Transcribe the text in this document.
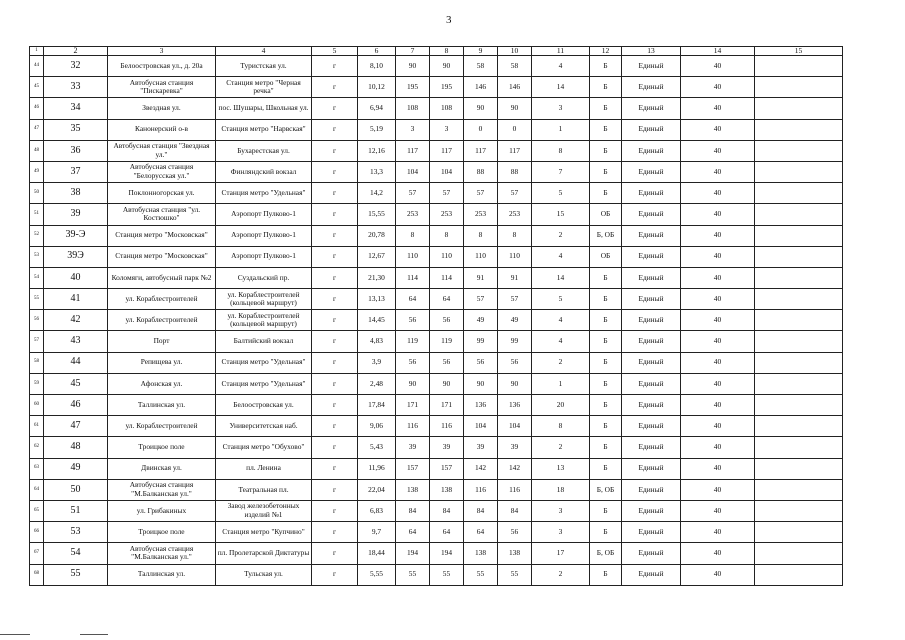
3
1	2	3	4	5	6	7	8	9	10	11	12	13	14	15
44	32	Белоостровская ул., д. 20а	Туристская ул.	г	8,10	90	90	58	58	4	Б	Единый	40	
45	33	Автобусная станция "Пискаревка"	Станция метро "Черная речка"	г	10,12	195	195	146	146	14	Б	Единый	40	
46	34	Звездная ул.	пос. Шушары, Школьная ул.	г	6,94	108	108	90	90	3	Б	Единый	40	
47	35	Канонерский о-в	Станция метро "Нарвская"	г	5,19	3	3	0	0	1	Б	Единый	40	
48	36	Автобусная станция "Звездная ул."	Бухарестская ул.	г	12,16	117	117	117	117	8	Б	Единый	40	
49	37	Автобусная станция "Белорусская ул."	Финляндский вокзал	г	13,3	104	104	88	88	7	Б	Единый	40	
50	38	Поклонногорская ул.	Станция метро "Удельная"	г	14,2	57	57	57	57	5	Б	Единый	40	
51	39	Автобусная станция "ул. Костюшко"	Аэропорт Пулково-1	г	15,55	253	253	253	253	15	ОБ	Единый	40	
52	39-Э	Станция метро "Московская"	Аэропорт Пулково-1	г	20,78	8	8	8	8	2	Б, ОБ	Единый	40	
53	39Э	Станция метро "Московская"	Аэропорт Пулково-1	г	12,67	110	110	110	110	4	ОБ	Единый	40	
54	40	Коломяги, автобусный парк №2	Суздальский пр.	г	21,30	114	114	91	91	14	Б	Единый	40	
55	41	ул. Кораблестроителей	ул. Кораблестроителей (кольцевой маршрут)	г	13,13	64	64	57	57	5	Б	Единый	40	
56	42	ул. Кораблестроителей	ул. Кораблестроителей (кольцевой маршрут)	г	14,45	56	56	49	49	4	Б	Единый	40	
57	43	Порт	Балтийский вокзал	г	4,83	119	119	99	99	4	Б	Единый	40	
58	44	Репищева ул.	Станция метро "Удельная"	г	3,9	56	56	56	56	2	Б	Единый	40	
59	45	Афонская ул.	Станция метро "Удельная"	г	2,48	90	90	90	90	1	Б	Единый	40	
60	46	Таллинская ул.	Белоостровская ул.	г	17,84	171	171	136	136	20	Б	Единый	40	
61	47	ул. Кораблестроителей	Университетская наб.	г	9,06	116	116	104	104	8	Б	Единый	40	
62	48	Троицкое поле	Станция метро "Обухово"	г	5,43	39	39	39	39	2	Б	Единый	40	
63	49	Двинская ул.	пл. Ленина	г	11,96	157	157	142	142	13	Б	Единый	40	
64	50	Автобусная станция "М.Балканская ул."	Театральная пл.	г	22,04	138	138	116	116	18	Б, ОБ	Единый	40	
65	51	ул. Грибакиных	Завод железобетонных изделий №1	г	6,83	84	84	84	84	3	Б	Единый	40	
66	53	Троицкое поле	Станция метро "Купчино"	г	9,7	64	64	64	56	3	Б	Единый	40	
67	54	Автобусная станция "М.Балканская ул."	пл. Пролетарской Диктатуры	г	18,44	194	194	138	138	17	Б, ОБ	Единый	40	
68	55	Таллинская ул.	Тульская ул.	г	5,55	55	55	55	55	2	Б	Единый	40	
